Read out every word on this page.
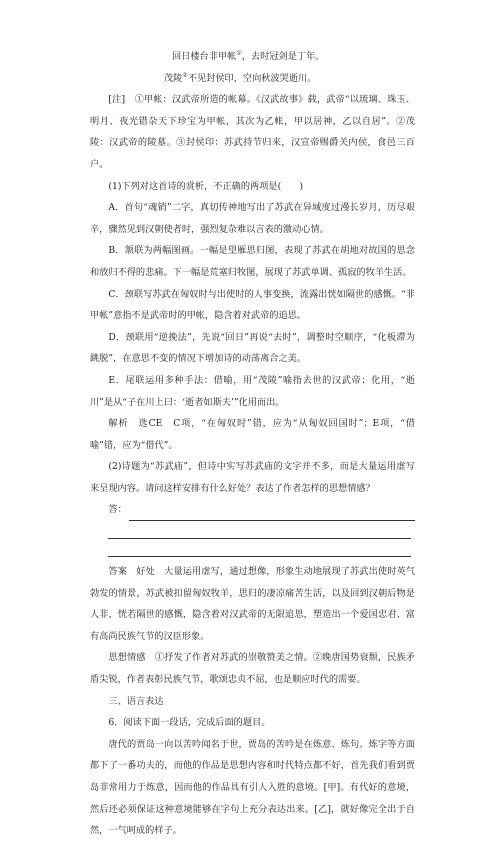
回日楼台非甲帐①，去时冠剑是丁年。
茂陵②不见封侯印，空向秋波哭逝川。

[注]　①甲帐：汉武帝所造的帐幕。《汉武故事》载，武帝“以琉璃、珠玉、明月、夜光错杂天下珍宝为甲帐，其次为乙帐，甲以居神，乙以自居”。②茂陵：汉武帝的陵墓。③封侯印：苏武持节归来，汉宣帝赐爵关内侯，食邑三百户。

(1)下列对这首诗的赏析，不正确的两项是(　　)

A．首句“魂销”二字，真切传神地写出了苏武在异域度过漫长岁月，历尽艰辛，骤然见到汉朝使者时，强烈复杂难以言表的激动心情。

B．颔联为两幅图画。一幅是望雁思归图，表现了苏武在胡地对故国的思念和放归不得的悲痛。下一幅是荒塞归牧图，展现了苏武单调、孤寂的牧羊生活。

C．颈联写苏武在匈奴时与出使时的人事变换，流露出恍如隔世的感慨。“非甲帐”意指不是武帝时的甲帐，隐含着对武帝的追思。

D．颈联用“逆挽法”，先说“回日”再说“去时”，调整时空顺序，“化板滞为跳脱”，在意思不变的情况下增加诗的动荡离合之美。

E．尾联运用多种手法：借喻，用“茂陵”喻指去世的汉武帝；化用，“逝川”是从“子在川上曰：‘逝者如斯夫’”化用而出。

解析　选CE　C项，“在匈奴时”错，应为“从匈奴回国时”；E项，“借喻”错，应为“借代”。

(2)诗题为“苏武庙”，但诗中实写苏武庙的文字并不多，而是大量运用虚写来呈现内容。请问这样安排有什么好处？表达了作者怎样的思想情感？

答：

答案　好处　大量运用虚写，通过想像，形象生动地展现了苏武出使时英气勃发的情景，苏武被扣留匈奴牧羊，思归的凄凉痛苦生活，以及回到汉朝后物是人非，恍若隔世的感慨，隐含着对汉武帝的无限追思，塑造出一个爱国忠君、富有高尚民族气节的汉臣形象。

思想情感　①抒发了作者对苏武的崇敬赞美之情。②晚唐国势衰颓，民族矛盾尖锐，作者表彰民族气节，歌颂忠贞不屈，也是顺应时代的需要。

三、语言表达

6．阅读下面一段话，完成后面的题目。

唐代的贾岛一向以苦吟闻名于世，贾岛的苦吟是在炼意、炼句、炼字等方面都下了一番功夫的，而他的作品是思想内容和时代特点都不好，首先我们看到贾岛非常用力于炼意，因而他的作品具有引人入胜的意境。[甲]。有代好的意境，然后还必须保证这种意境能够在字句上充分表达出来。[乙]，就好像完全出于自然，一气呵成的样子。
